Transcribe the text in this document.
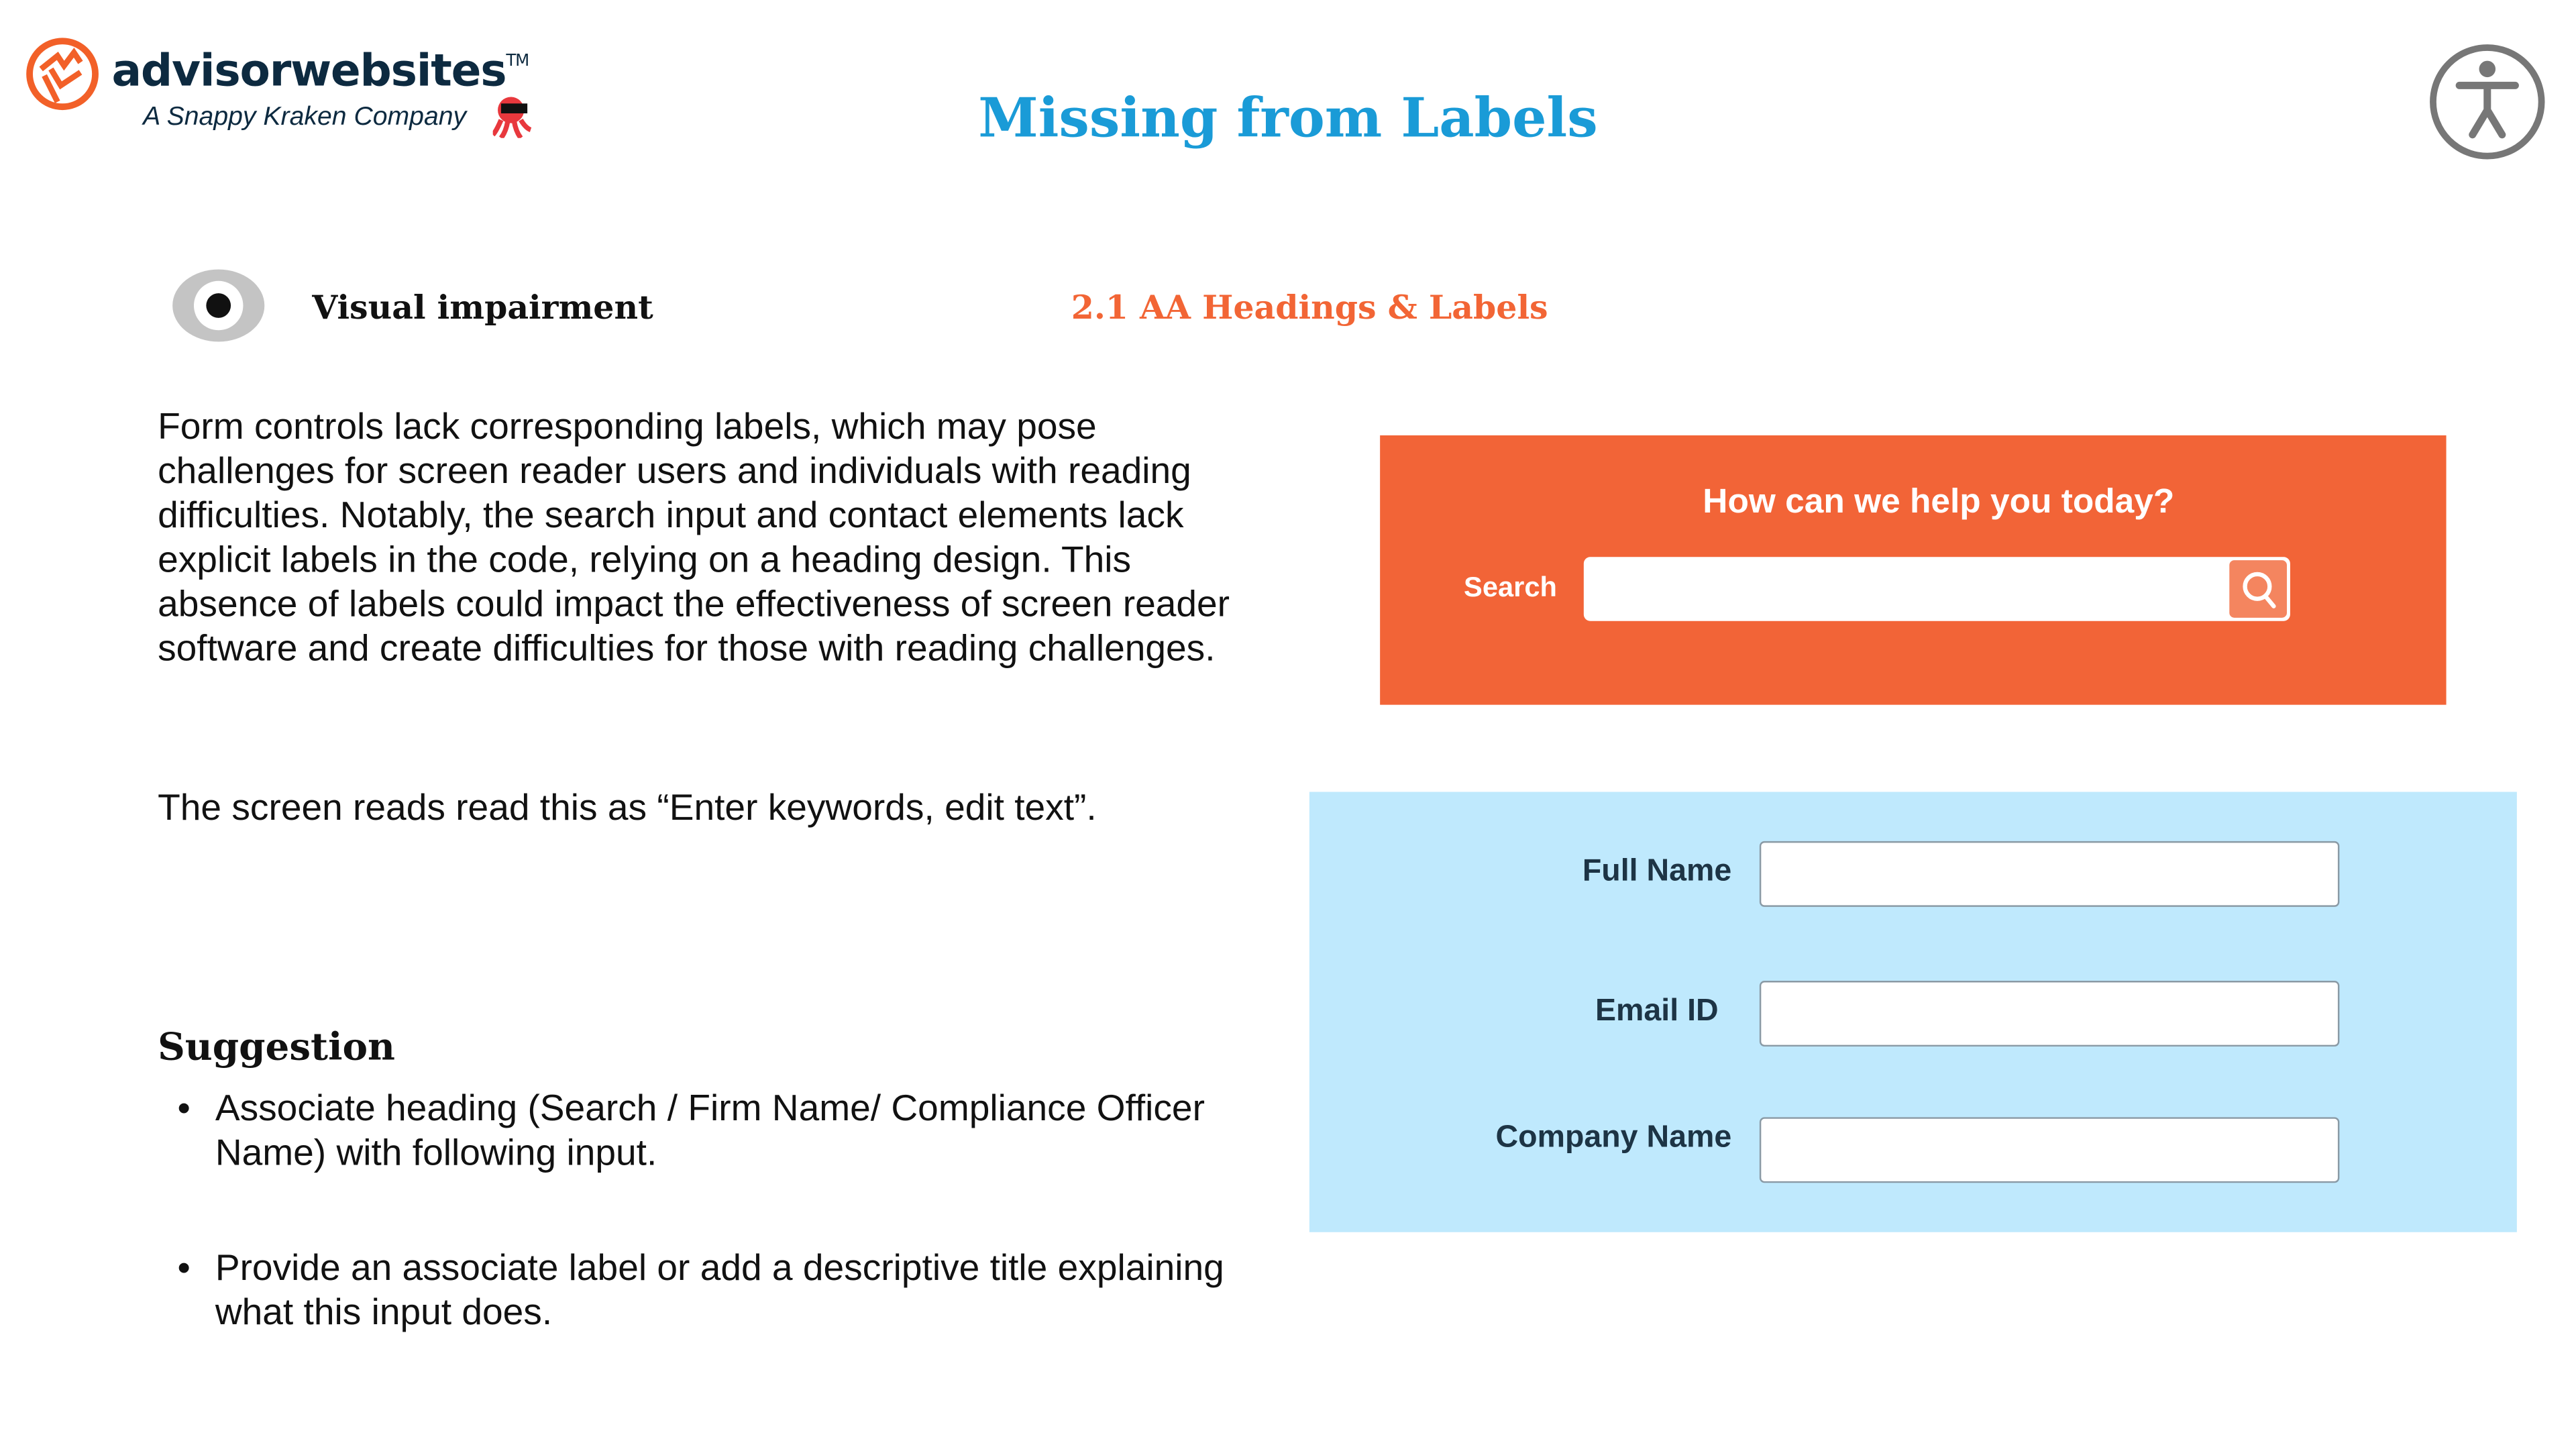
advisorwebsites™
A Snappy Kraken Company	Missing from Labels
Visual impairment	2.1 AA Headings & Labels
Form controls lack corresponding labels, which may pose challenges for screen reader users and individuals with reading difficulties. Notably, the search input and contact elements lack explicit labels in the code, relying on a heading design. This absence of labels could impact the effectiveness of screen reader software and create difficulties for those with reading challenges.
The screen reads read this as “Enter keywords, edit text”.
Suggestion
• Associate heading (Search / Firm Name/ Compliance Officer Name) with following input.
• Provide an associate label or add a descriptive title explaining what this input does.
How can we help you today?
Search
Full Name
Email ID
Company Name
